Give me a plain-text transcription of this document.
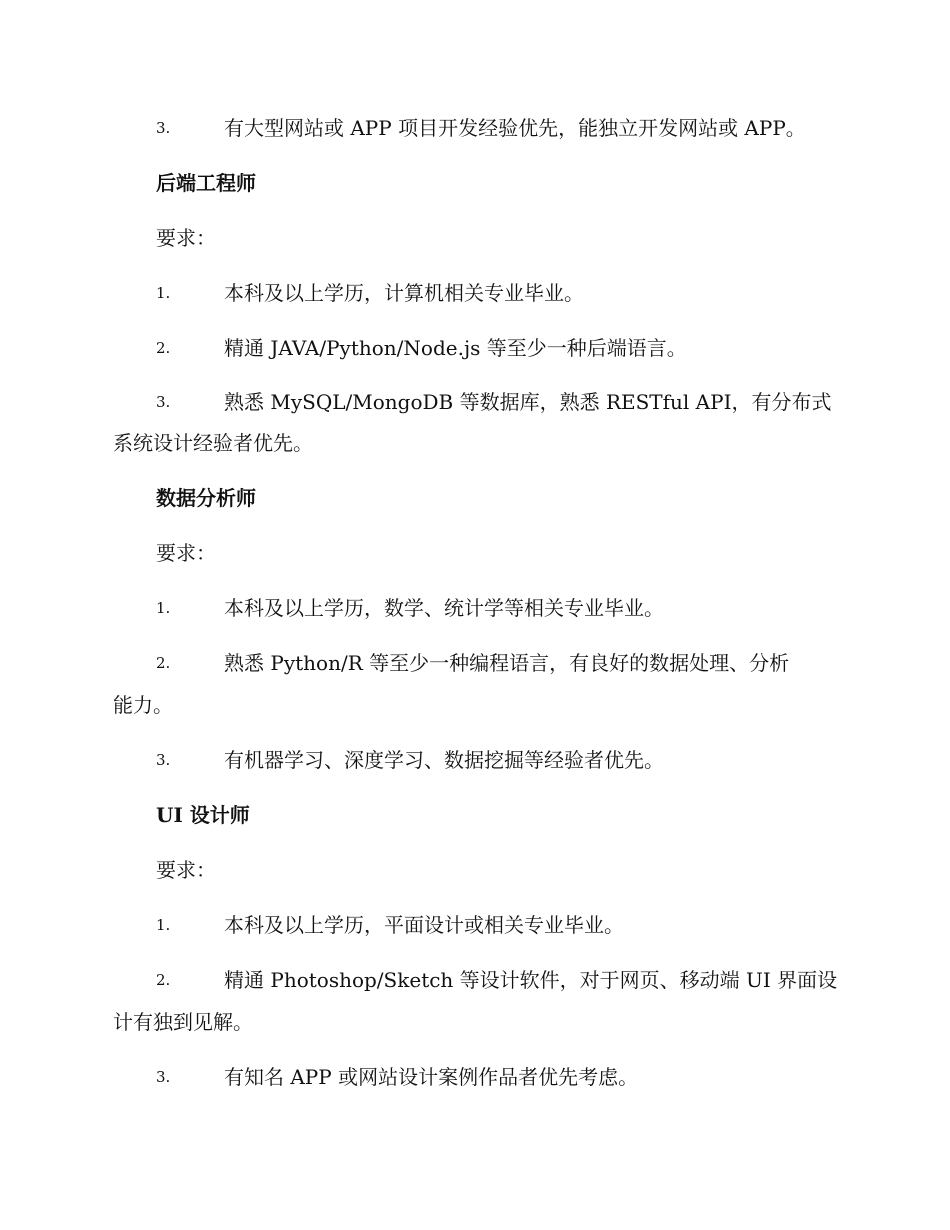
3.	有大型网站或 APP 项目开发经验优先，能独立开发网站或 APP。
后端工程师
要求：
1.	本科及以上学历，计算机相关专业毕业。
2.	精通 JAVA/Python/Node.js 等至少一种后端语言。
3.	熟悉 MySQL/MongoDB 等数据库，熟悉 RESTful API，有分布式
系统设计经验者优先。
数据分析师
要求：
1.	本科及以上学历，数学、统计学等相关专业毕业。
2.	熟悉 Python/R 等至少一种编程语言，有良好的数据处理、分析
能力。
3.	有机器学习、深度学习、数据挖掘等经验者优先。
UI 设计师
要求：
1.	本科及以上学历，平面设计或相关专业毕业。
2.	精通 Photoshop/Sketch 等设计软件，对于网页、移动端 UI 界面设
计有独到见解。
3.	有知名 APP 或网站设计案例作品者优先考虑。
